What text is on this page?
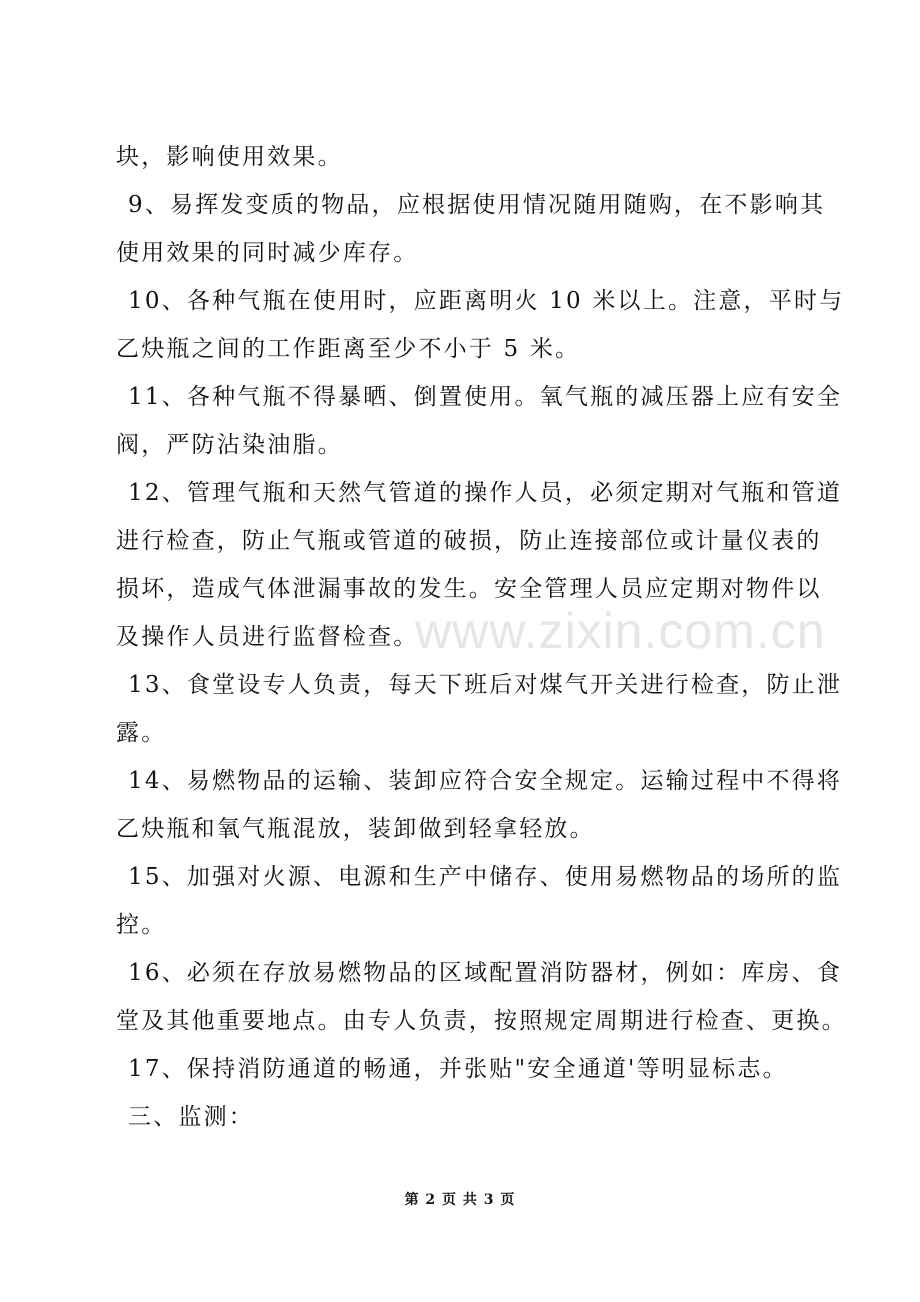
块，影响使用效果。
9、易挥发变质的物品，应根据使用情况随用随购，在不影响其
使用效果的同时减少库存。
10、各种气瓶在使用时，应距离明火 10 米以上。注意，平时与
乙炔瓶之间的工作距离至少不小于 5 米。
11、各种气瓶不得暴晒、倒置使用。氧气瓶的减压器上应有安全
阀，严防沾染油脂。
12、管理气瓶和天然气管道的操作人员，必须定期对气瓶和管道
进行检查，防止气瓶或管道的破损，防止连接部位或计量仪表的
损坏，造成气体泄漏事故的发生。安全管理人员应定期对物件以
及操作人员进行监督检查。
13、食堂设专人负责，每天下班后对煤气开关进行检查，防止泄
露。
14、易燃物品的运输、装卸应符合安全规定。运输过程中不得将
乙炔瓶和氧气瓶混放，装卸做到轻拿轻放。
15、加强对火源、电源和生产中储存、使用易燃物品的场所的监
控。
16、必须在存放易燃物品的区域配置消防器材，例如：库房、食
堂及其他重要地点。由专人负责，按照规定周期进行检查、更换。
17、保持消防通道的畅通，并张贴"安全通道'等明显标志。
三、监测：
www.zixin.com.cn
第 2 页 共 3 页
